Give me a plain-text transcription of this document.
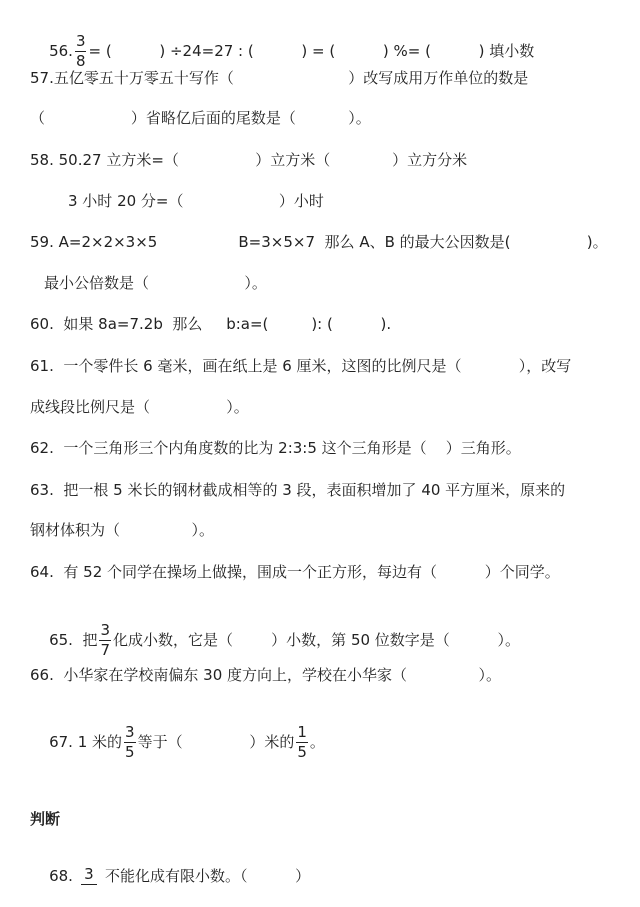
56. $\frac{3}{8}$ = (          ) ÷24=27 : (          ) = (          ) %= (          ) 填小数

57.五亿零五十万零五十写作（                        ）改写成用万作单位的数是
（                  ）省略亿后面的尾数是（           ）。
58. 50.27 立方米=（                ）立方米（             ）立方分米
3 小时 20 分=（                    ）小时
59. A=2×2×3×5                 B=3×5×7  那么 A、B 的最大公因数是(                )。
最小公倍数是（                    ）。
60.  如果 8a=7.2b  那么     b:a=(         ): (          ).
61.  一个零件长 6 毫米，画在纸上是 6 厘米，这图的比例尺是（            ），改写
成线段比例尺是（                ）。
62.  一个三角形三个内角度数的比为 2:3:5 这个三角形是（    ）三角形。
63.  把一根 5 米长的钢材截成相等的 3 段，表面积增加了 40 平方厘米，原来的
钢材体积为（               ）。
64.  有 52 个同学在操场上做操，围成一个正方形，每边有（          ）个同学。

65.  把 $\frac{3}{7}$ 化成小数，它是（        ）小数，第 50 位数字是（          ）。

66.  小华家在学校南偏东 30 度方向上，学校在小华家（               ）。

67. 1 米的 $\frac{3}{5}$ 等于（              ）米的 $\frac{1}{5}$ 。

判断

68. 3 不能化成有限小数。（          ）
